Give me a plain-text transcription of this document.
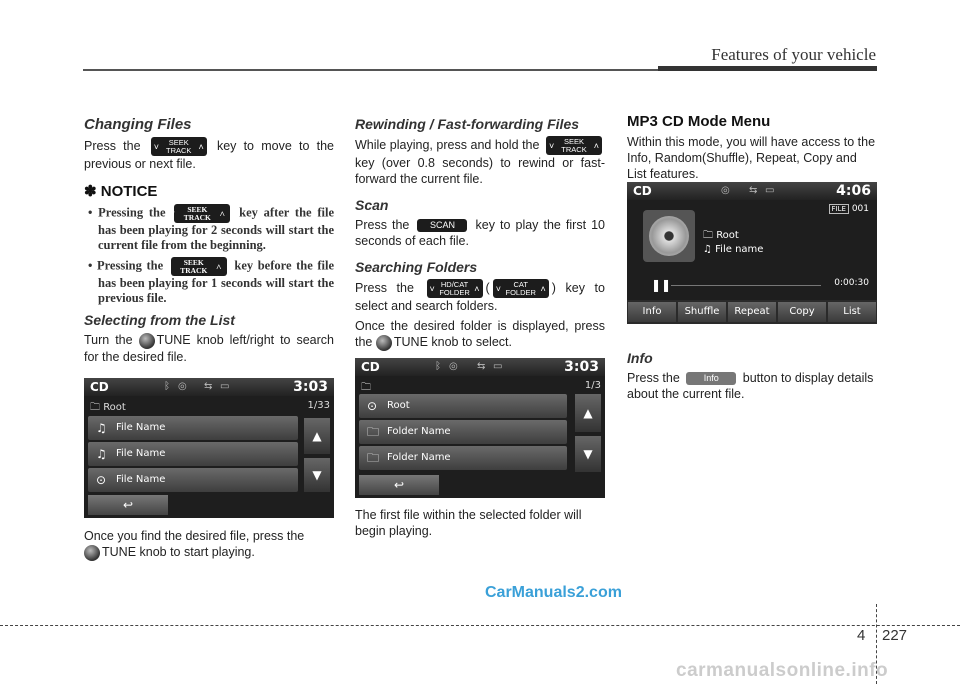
Features of your vehicle
Changing Files
Press the ˅	SEEK
TRACK ˄ key to move to the previous or next file.
✽ NOTICE
• Pressing the ˅	SEEK
TRACK ˄ key after the file has been playing for 2 seconds will start the current file from the beginning.
• Pressing the ˅	SEEK
TRACK ˄ key before the file has been playing for 1 seconds will start the previous file.
Selecting from the List
Turn the TUNE knob left/right to search for the desired file.
CD	ᛒ ◎ ⇆ ▭	3:03
🗀 Root	1/33
♫ File Name
♫ File Name
⊙ File Name
↩
▲
▼
Once you find the desired file, press the
TUNE knob to start playing.
Rewinding / Fast-forwarding Files
While playing, press and hold the ˅	SEEK
TRACK ˄
key (over 0.8 seconds) to rewind or fast-forward the current file.
Scan
Press the SCAN key to play the first 10 seconds of each file.
Searching Folders
Press the ˅ HD/CAT
FOLDER ˄ ( ˅	CAT
FOLDER ˄ ) key to select and search folders.
Once the desired folder is displayed, press the TUNE knob to select.
CD	ᛒ ◎ ⇆ ▭	3:03
🗀	1/3
⊙ Root
🗀 Folder Name
🗀 Folder Name
↩
▲
▼
The first file within the selected folder will begin playing.
MP3 CD Mode Menu
Within this mode, you will have access to the Info, Random(Shuffle), Repeat, Copy and List features.
CD	◎ ⇆ ▭	4:06
FILE 001
🗀 Root
♫ File name
❚❚	0:00:30
Info	Shuffle	Repeat	Copy	List
Info
Press the	Info button to display details about the current file.
CarManuals2.com
4 227
carmanualsonline.info
